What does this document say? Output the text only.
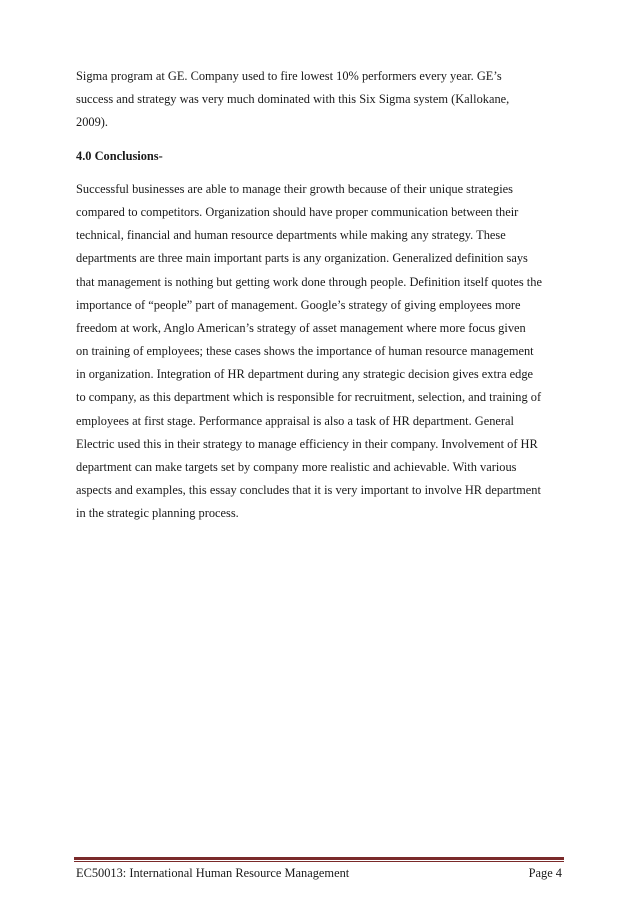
Sigma program at GE. Company used to fire lowest 10% performers every year. GE’s
success and strategy was very much dominated with this Six Sigma system (Kallokane,
2009).
4.0 Conclusions-
Successful businesses are able to manage their growth because of their unique strategies
compared to competitors. Organization should have proper communication between their
technical, financial and human resource departments while making any strategy. These
departments are three main important parts is any organization. Generalized definition says
that management is nothing but getting work done through people. Definition itself quotes the
importance of “people” part of management. Google’s strategy of giving employees more
freedom at work, Anglo American’s strategy of asset management where more focus given
on training of employees; these cases shows the importance of human resource management
in organization. Integration of HR department during any strategic decision gives extra edge
to company, as this department which is responsible for recruitment, selection, and training of
employees at first stage. Performance appraisal is also a task of HR department. General
Electric used this in their strategy to manage efficiency in their company. Involvement of HR
department can make targets set by company more realistic and achievable. With various
aspects and examples, this essay concludes that it is very important to involve HR department
in the strategic planning process.
EC50013: International Human Resource Management	Page 4
